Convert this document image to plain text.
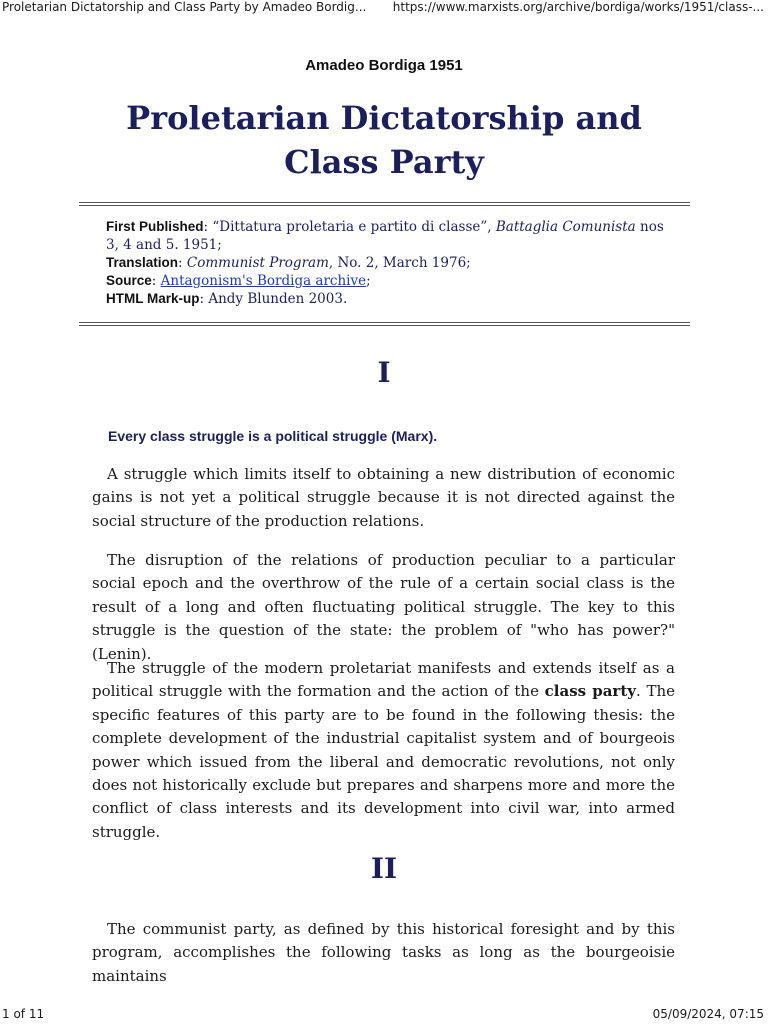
Proletarian Dictatorship and Class Party by Amadeo Bordig... https://www.marxists.org/archive/bordiga/works/1951/class-...
Amadeo Bordiga 1951
Proletarian Dictatorship and Class Party

First Published: “Dittatura proletaria e partito di classe”, Battaglia Comunista nos 3, 4 and 5. 1951;

Translation: Communist Program, No. 2, March 1976;

Source: Antagonism's Bordiga archive;

HTML Mark-up: Andy Blunden 2003.

I
Every class struggle is a political struggle (Marx).

A struggle which limits itself to obtaining a new distribution of economic gains is not yet a political struggle because it is not directed against the social structure of the production relations.

The disruption of the relations of production peculiar to a particular social epoch and the overthrow of the rule of a certain social class is the result of a long and often fluctuating political struggle. The key to this struggle is the question of the state: the problem of "who has power?" (Lenin).

The struggle of the modern proletariat manifests and extends itself as a political struggle with the formation and the action of the class party. The specific features of this party are to be found in the following thesis: the complete development of the industrial capitalist system and of bourgeois power which issued from the liberal and democratic revolutions, not only does not historically exclude but prepares and sharpens more and more the conflict of class interests and its development into civil war, into armed struggle.

II

The communist party, as defined by this historical foresight and by this program, accomplishes the following tasks as long as the bourgeoisie maintains

1 of 11	05/09/2024, 07:15
